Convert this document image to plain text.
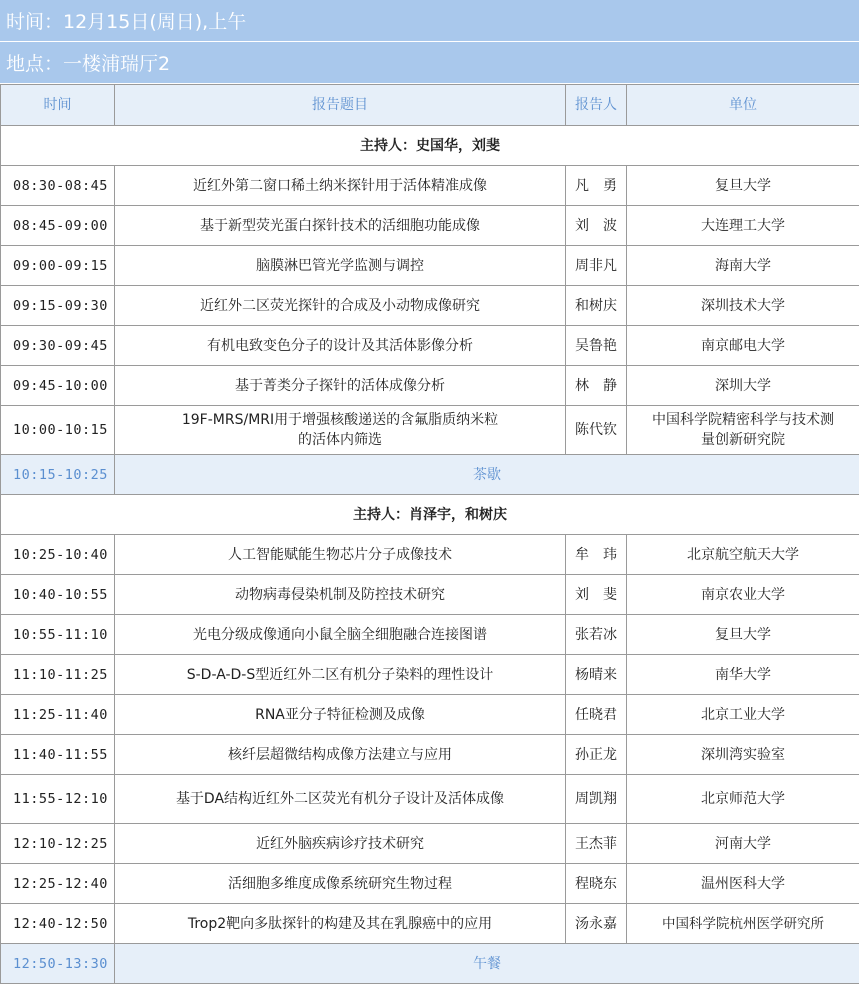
时间：12月15日(周日),上午
地点：一楼浦瑞厅2
时间	报告题目	报告人	单位
主持人：史国华，刘斐			
08:30-08:45	近红外第二窗口稀土纳米探针用于活体精准成像	凡　勇	复旦大学
08:45-09:00	基于新型荧光蛋白探针技术的活细胞功能成像	刘　波	大连理工大学
09:00-09:15	脑膜淋巴管光学监测与调控	周非凡	海南大学
09:15-09:30	近红外二区荧光探针的合成及小动物成像研究	和树庆	深圳技术大学
09:30-09:45	有机电致变色分子的设计及其活体影像分析	吴鲁艳	南京邮电大学
09:45-10:00	基于菁类分子探针的活体成像分析	林　静	深圳大学
10:00-10:15	19F-MRS/MRI用于增强核酸递送的含氟脂质纳米粒的活体内筛选	陈代钦	中国科学院精密科学与技术测量创新研究院
10:15-10:25	茶歇		
主持人：肖泽宇，和树庆			
10:25-10:40	人工智能赋能生物芯片分子成像技术	牟　玮	北京航空航天大学
10:40-10:55	动物病毒侵染机制及防控技术研究	刘　斐	南京农业大学
10:55-11:10	光电分级成像通向小鼠全脑全细胞融合连接图谱	张若冰	复旦大学
11:10-11:25	S-D-A-D-S型近红外二区有机分子染料的理性设计	杨晴来	南华大学
11:25-11:40	RNA亚分子特征检测及成像	任晓君	北京工业大学
11:40-11:55	核纤层超微结构成像方法建立与应用	孙正龙	深圳湾实验室
11:55-12:10	基于DA结构近红外二区荧光有机分子设计及活体成像	周凯翔	北京师范大学
12:10-12:25	近红外脑疾病诊疗技术研究	王杰菲	河南大学
12:25-12:40	活细胞多维度成像系统研究生物过程	程晓东	温州医科大学
12:40-12:50	Trop2靶向多肽探针的构建及其在乳腺癌中的应用	汤永嘉	中国科学院杭州医学研究所
12:50-13:30	午餐		
